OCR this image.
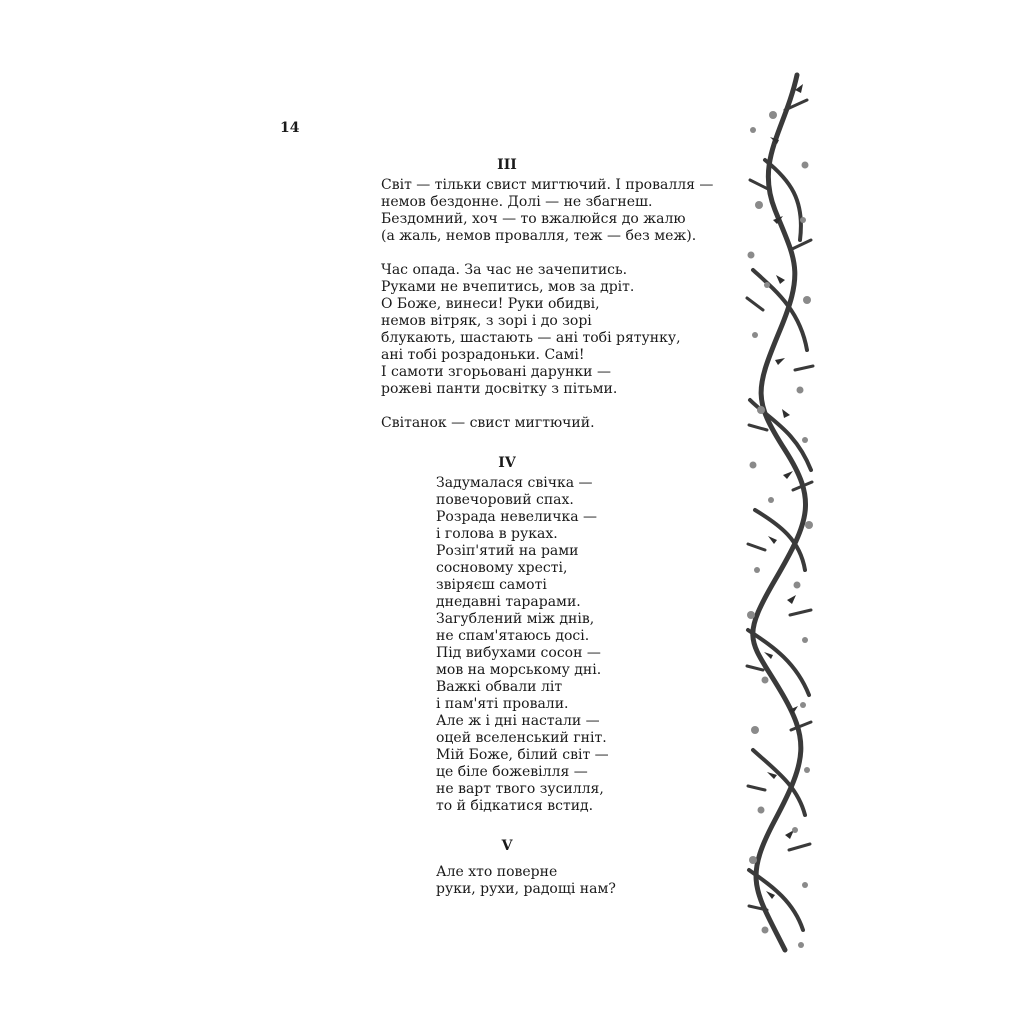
14
III
Світ — тільки свист мигтючий. І провалля —
немов бездонне. Долі — не збагнеш.
Бездомний, хоч — то вжалюйся до жалю
(а жаль, немов провалля, теж — без меж).
Час опада. За час не зачепитись.
Руками не вчепитись, мов за дріт.
О Боже, винеси! Руки обидві,
немов вітряк, з зорі і до зорі
блукають, шастають — ані тобі рятунку,
ані тобі розрадоньки. Самі!
І самоти згорьовані дарунки —
рожеві панти досвітку з пітьми.
Світанок — свист мигтючий.
IV
Задумалася свічка —
повечоровий спах.
Розрада невеличка —
і голова в руках.
Розіп'ятий на рами
сосновому хресті,
звіряєш самоті
днедавні тарарами.
Загублений між днів,
не спам'ятаюсь досі.
Під вибухами сосон —
мов на морському дні.
Важкі обвали літ
і пам'яті провали.
Але ж і дні настали —
оцей вселенський гніт.
Мій Боже, білий світ —
це біле божевілля —
не варт твого зусилля,
то й бідкатися встид.
V
Але хто поверне
руки, рухи, радощі нам?
